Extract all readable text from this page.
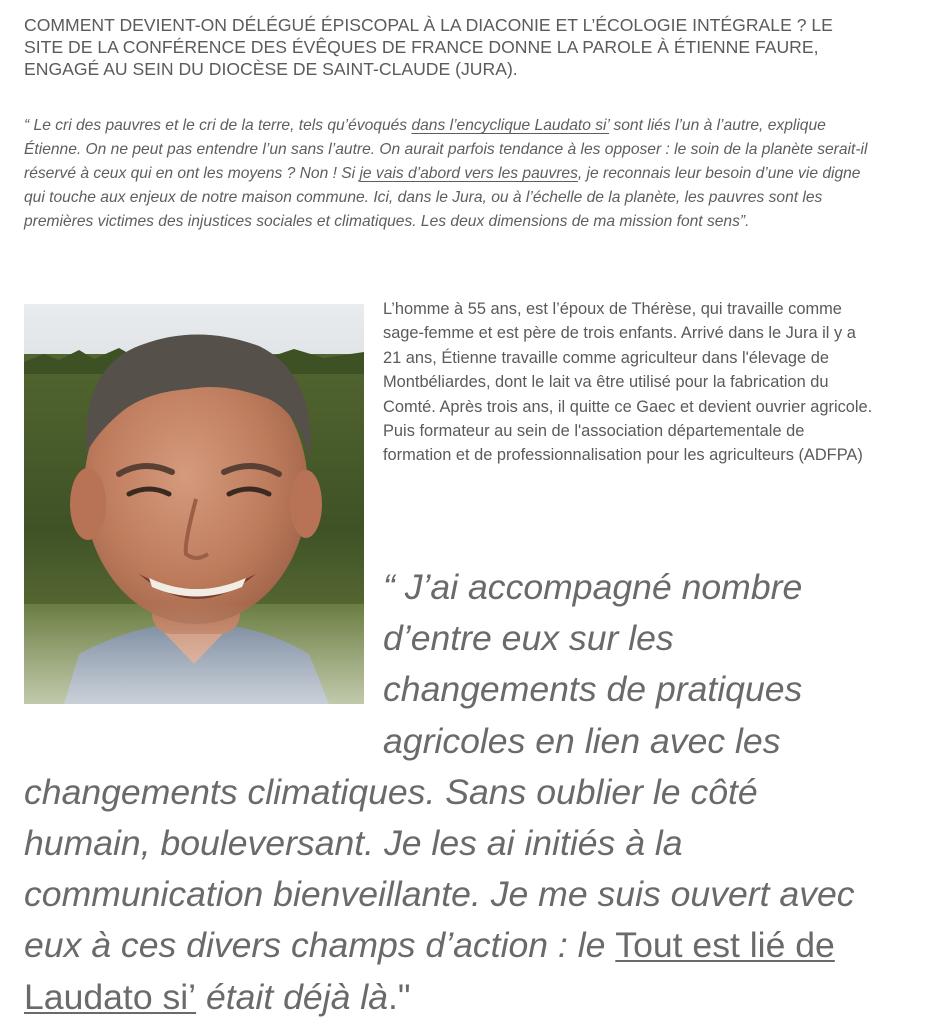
COMMENT DEVIENT-ON DÉLÉGUÉ ÉPISCOPAL À LA DIACONIE ET L’ÉCOLOGIE INTÉGRALE ? LE SITE DE LA CONFÉRENCE DES ÉVÊQUES DE FRANCE DONNE LA PAROLE À ÉTIENNE FAURE, ENGAGÉ AU SEIN DU DIOCÈSE DE SAINT-CLAUDE (JURA).

“ Le cri des pauvres et le cri de la terre, tels qu’évoqués dans l’encyclique Laudato si’ sont liés l’un à l’autre, explique Étienne. On ne peut pas entendre l’un sans l’autre. On aurait parfois tendance à les opposer : le soin de la planète serait-il réservé à ceux qui en ont les moyens ? Non ! Si je vais d’abord vers les pauvres, je reconnais leur besoin d’une vie digne qui touche aux enjeux de notre maison commune. Ici, dans le Jura, ou à l’échelle de la planète, les pauvres sont les premières victimes des injustices sociales et climatiques. Les deux dimensions de ma mission font sens”.

L’homme à 55 ans, est l’époux de Thérèse, qui travaille comme sage-femme et est père de trois enfants. Arrivé dans le Jura il y a 21 ans, Étienne travaille comme agriculteur dans l'élevage de Montbéliardes, dont le lait va être utilisé pour la fabrication du Comté. Après trois ans, il quitte ce Gaec et devient ouvrier agricole. Puis formateur au sein de l'association départementale de formation et de professionnalisation pour les agriculteurs (ADFPA)

“ J’ai accompagné nombre d’entre eux sur les changements de pratiques agricoles en lien avec les changements climatiques. Sans oublier le côté humain, bouleversant. Je les ai initiés à la communication bienveillante. Je me suis ouvert avec eux à ces divers champs d’action : le Tout est lié de Laudato si’ était déjà là."
